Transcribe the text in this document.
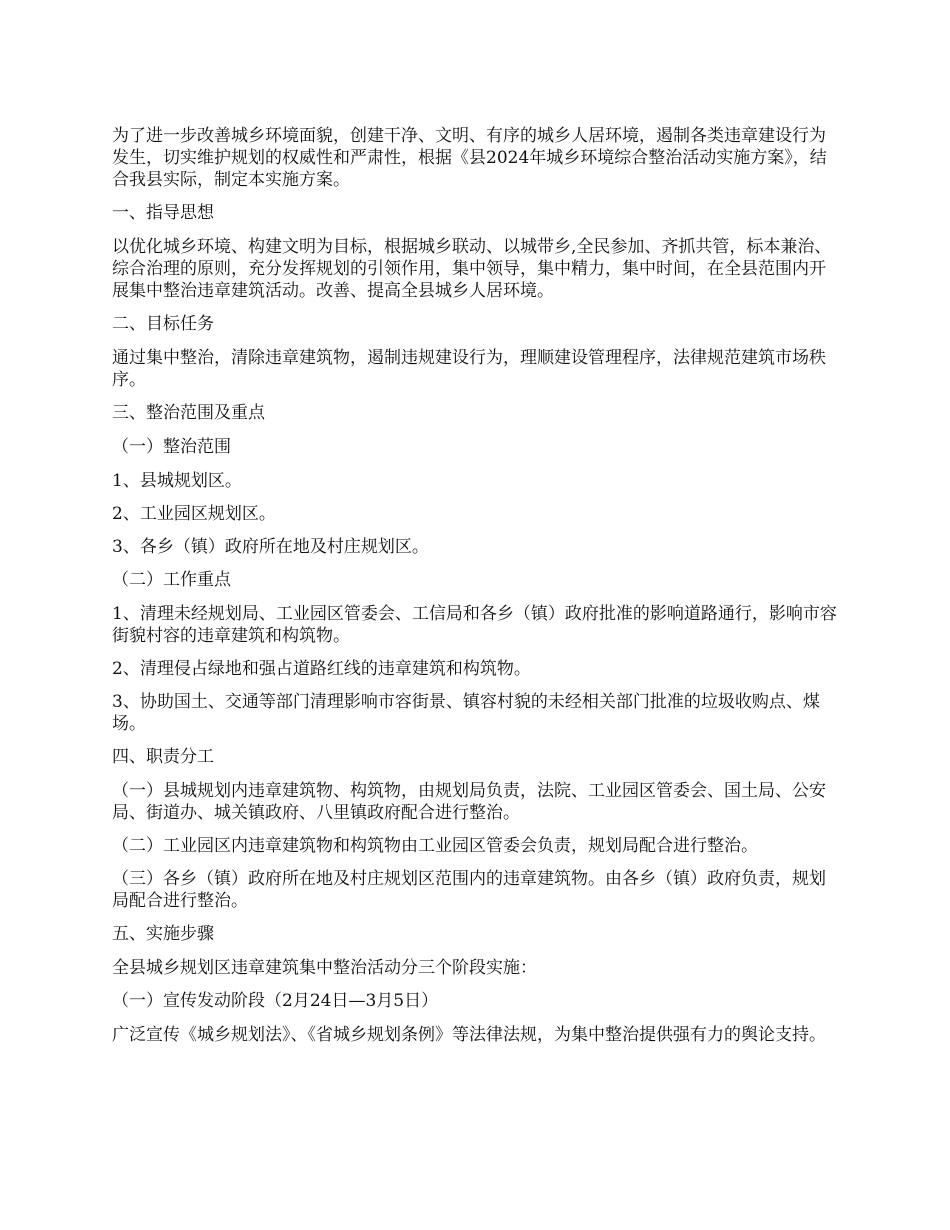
为了进一步改善城乡环境面貌，创建干净、文明、有序的城乡人居环境，遏制各类违章建设行为发生，切实维护规划的权威性和严肃性，根据《县2024年城乡环境综合整治活动实施方案》，结合我县实际，制定本实施方案。

一、指导思想

以优化城乡环境、构建文明为目标，根据城乡联动、以城带乡,全民参加、齐抓共管，标本兼治、综合治理的原则，充分发挥规划的引领作用，集中领导，集中精力，集中时间，在全县范围内开展集中整治违章建筑活动。改善、提高全县城乡人居环境。

二、目标任务

通过集中整治，清除违章建筑物，遏制违规建设行为，理顺建设管理程序，法律规范建筑市场秩序。

三、整治范围及重点

（一）整治范围

1、县城规划区。

2、工业园区规划区。

3、各乡（镇）政府所在地及村庄规划区。

（二）工作重点

1、清理未经规划局、工业园区管委会、工信局和各乡（镇）政府批准的影响道路通行，影响市容街貌村容的违章建筑和构筑物。

2、清理侵占绿地和强占道路红线的违章建筑和构筑物。

3、协助国土、交通等部门清理影响市容街景、镇容村貌的未经相关部门批准的垃圾收购点、煤场。

四、职责分工

（一）县城规划内违章建筑物、构筑物，由规划局负责，法院、工业园区管委会、国土局、公安局、街道办、城关镇政府、八里镇政府配合进行整治。

（二）工业园区内违章建筑物和构筑物由工业园区管委会负责，规划局配合进行整治。

（三）各乡（镇）政府所在地及村庄规划区范围内的违章建筑物。由各乡（镇）政府负责，规划局配合进行整治。

五、实施步骤

全县城乡规划区违章建筑集中整治活动分三个阶段实施：

（一）宣传发动阶段（2月24日—3月5日）

广泛宣传《城乡规划法》、《省城乡规划条例》等法律法规，为集中整治提供强有力的舆论支持。
